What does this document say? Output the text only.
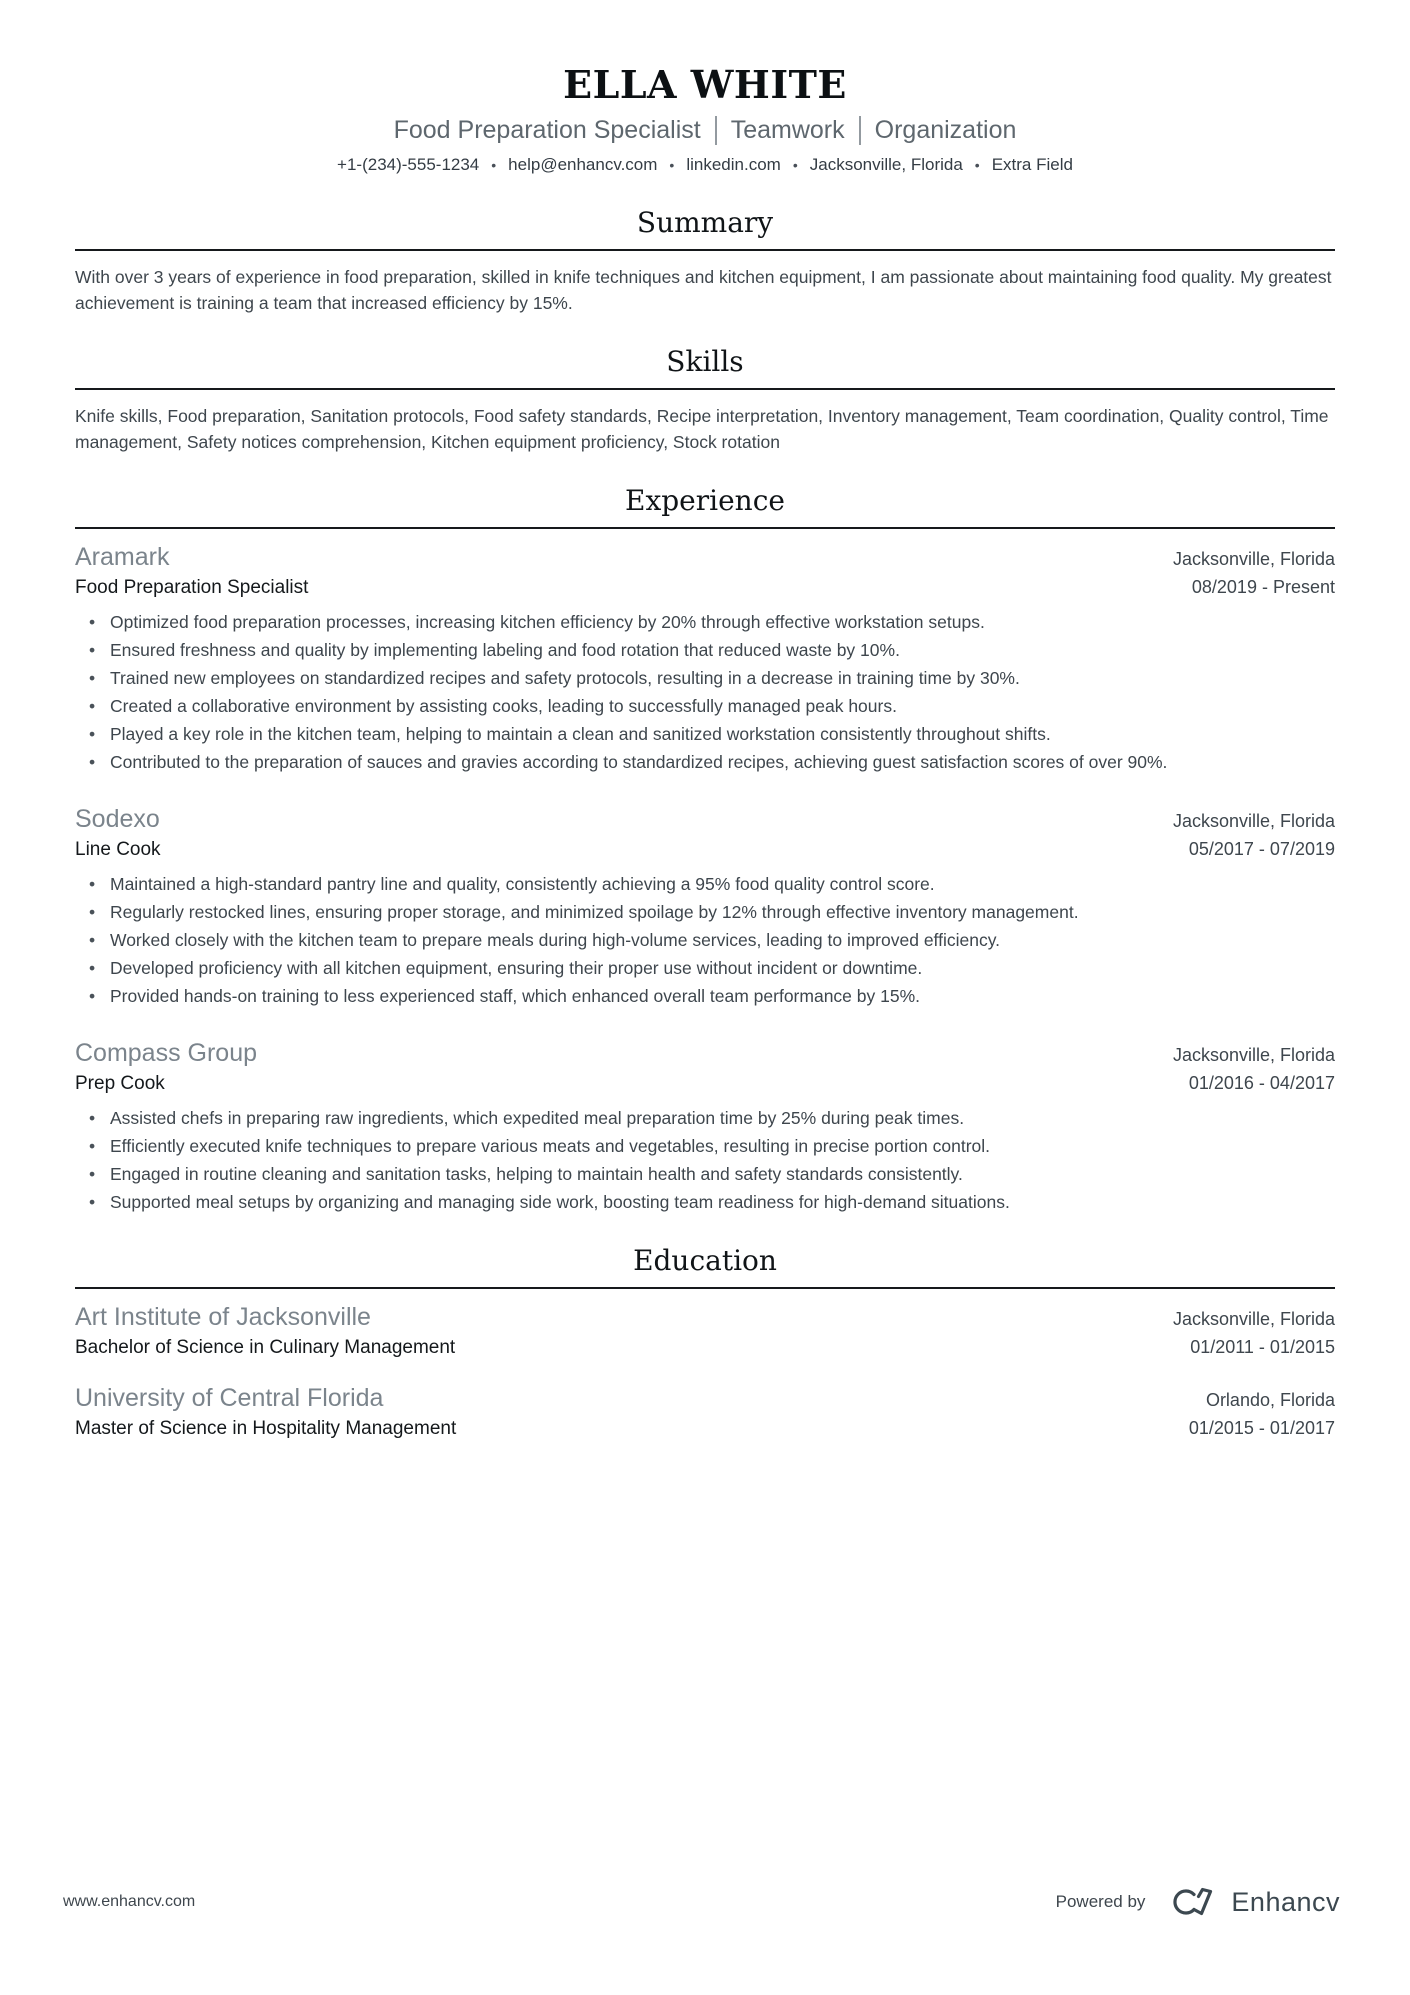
ELLA WHITE
Food Preparation Specialist Teamwork Organization
+1-(234)-555-1234 • help@enhancv.com • linkedin.com • Jacksonville, Florida • Extra Field
Summary

With over 3 years of experience in food preparation, skilled in knife techniques and kitchen equipment, I am passionate about maintaining food quality. My greatest achievement is training a team that increased efficiency by 15%.

Skills

Knife skills, Food preparation, Sanitation protocols, Food safety standards, Recipe interpretation, Inventory management, Team coordination, Quality control, Time management, Safety notices comprehension, Kitchen equipment proficiency, Stock rotation

Experience
Aramark	Jacksonville, Florida
Food Preparation Specialist	08/2019 - Present
• Optimized food preparation processes, increasing kitchen efficiency by 20% through effective workstation setups.
• Ensured freshness and quality by implementing labeling and food rotation that reduced waste by 10%.
• Trained new employees on standardized recipes and safety protocols, resulting in a decrease in training time by 30%.
• Created a collaborative environment by assisting cooks, leading to successfully managed peak hours.
• Played a key role in the kitchen team, helping to maintain a clean and sanitized workstation consistently throughout shifts.
• Contributed to the preparation of sauces and gravies according to standardized recipes, achieving guest satisfaction scores of over 90%.
Sodexo	Jacksonville, Florida
Line Cook	05/2017 - 07/2019
• Maintained a high-standard pantry line and quality, consistently achieving a 95% food quality control score.
• Regularly restocked lines, ensuring proper storage, and minimized spoilage by 12% through effective inventory management.
• Worked closely with the kitchen team to prepare meals during high-volume services, leading to improved efficiency.
• Developed proficiency with all kitchen equipment, ensuring their proper use without incident or downtime.
• Provided hands-on training to less experienced staff, which enhanced overall team performance by 15%.
Compass Group	Jacksonville, Florida
Prep Cook	01/2016 - 04/2017
• Assisted chefs in preparing raw ingredients, which expedited meal preparation time by 25% during peak times.
• Efficiently executed knife techniques to prepare various meats and vegetables, resulting in precise portion control.
• Engaged in routine cleaning and sanitation tasks, helping to maintain health and safety standards consistently.
• Supported meal setups by organizing and managing side work, boosting team readiness for high-demand situations.
Education
Art Institute of Jacksonville	Jacksonville, Florida
Bachelor of Science in Culinary Management	01/2011 - 01/2015
University of Central Florida	Orlando, Florida
Master of Science in Hospitality Management	01/2015 - 01/2017
www.enhancv.com	Powered by	Enhancv
